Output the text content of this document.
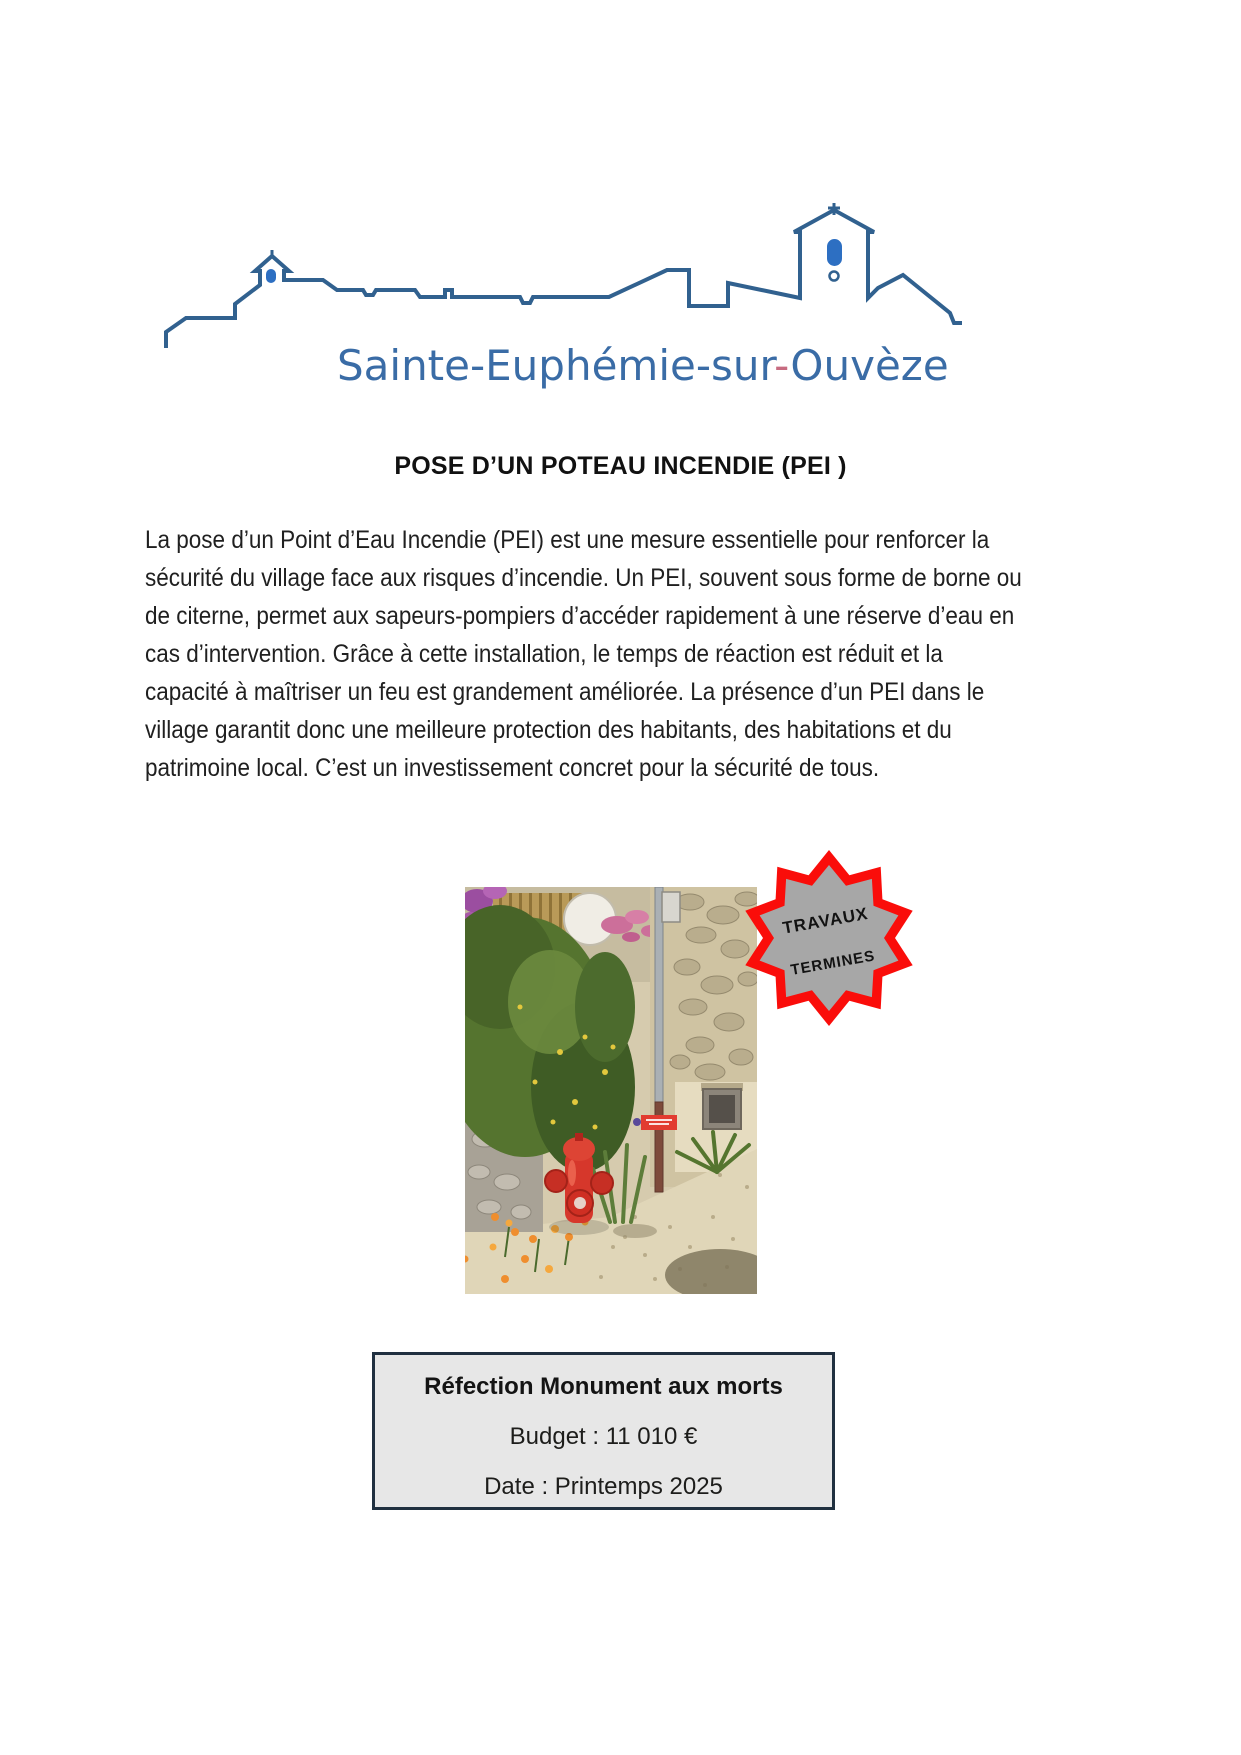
Sainte-Euphémie-sur-Ouvèze
POSE D’UN POTEAU INCENDIE (PEI )
La pose d’un Point d’Eau Incendie (PEI) est une mesure essentielle pour renforcer la
sécurité du village face aux risques d’incendie. Un PEI, souvent sous forme de borne ou
de citerne, permet aux sapeurs-pompiers d’accéder rapidement à une réserve d’eau en
cas d’intervention. Grâce à cette installation, le temps de réaction est réduit et la
capacité à maîtriser un feu est grandement améliorée. La présence d’un PEI dans le
village garantit donc une meilleure protection des habitants, des habitations et du
patrimoine local. C’est un investissement concret pour la sécurité de tous.
TRAVAUX
TERMINES
Réfection Monument aux morts
Budget : 11 010 €
Date : Printemps 2025
